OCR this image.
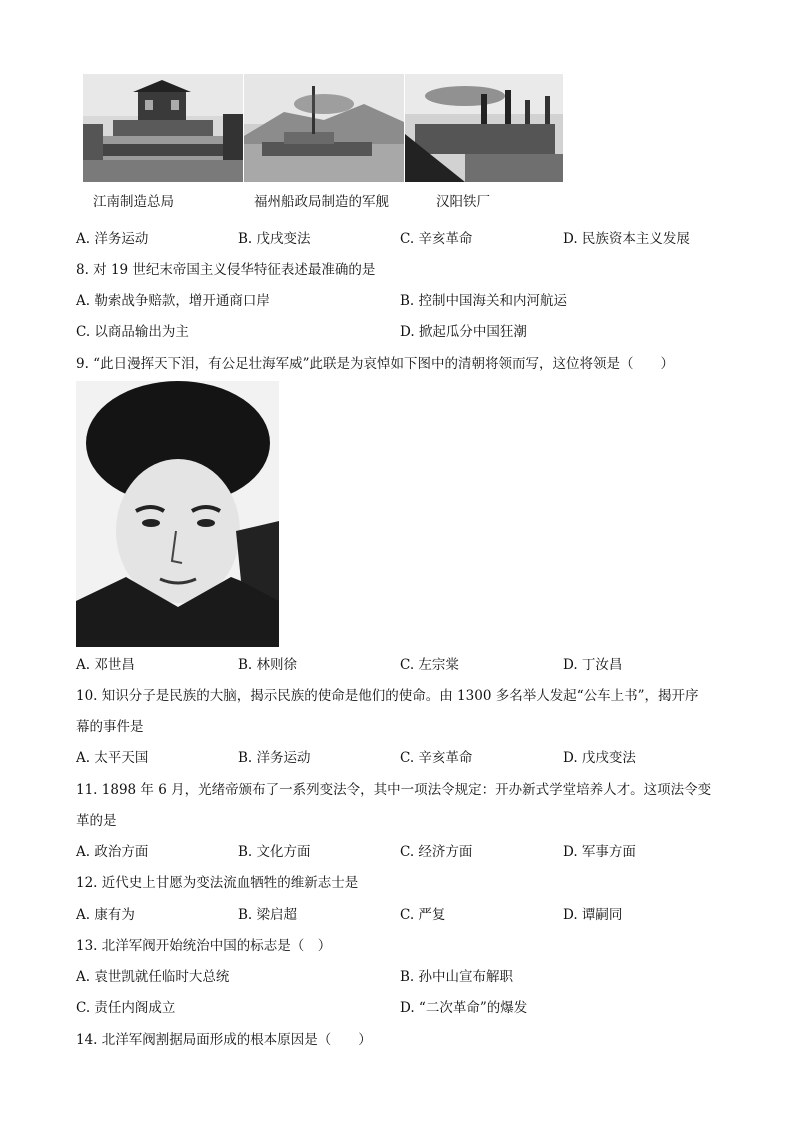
江南制造总局	福州船政局制造的军舰	汉阳铁厂
A. 洋务运动	B. 戊戌变法	C. 辛亥革命	D. 民族资本主义发展
8. 对 19 世纪末帝国主义侵华特征表述最准确的是
A. 勒索战争赔款，增开通商口岸	B. 控制中国海关和内河航运
C. 以商品输出为主	D. 掀起瓜分中国狂潮
9. “此日漫挥天下泪，有公足壮海军威”此联是为哀悼如下图中的清朝将领而写，这位将领是（　　）
A. 邓世昌	B. 林则徐	C. 左宗棠	D. 丁汝昌
10. 知识分子是民族的大脑，揭示民族的使命是他们的使命。由 1300 多名举人发起“公车上书”，揭开序
幕的事件是
A. 太平天国	B. 洋务运动	C. 辛亥革命	D. 戊戌变法
11. 1898 年 6 月，光绪帝颁布了一系列变法令，其中一项法令规定：开办新式学堂培养人才。这项法令变
革的是
A. 政治方面	B. 文化方面	C. 经济方面	D. 军事方面
12. 近代史上甘愿为变法流血牺牲的维新志士是
A. 康有为	B. 梁启超	C. 严复	D. 谭嗣同
13. 北洋军阀开始统治中国的标志是（　）
A. 袁世凯就任临时大总统	B. 孙中山宣布解职
C. 责任内阁成立	D. “二次革命”的爆发
14. 北洋军阀割据局面形成的根本原因是（　　）
